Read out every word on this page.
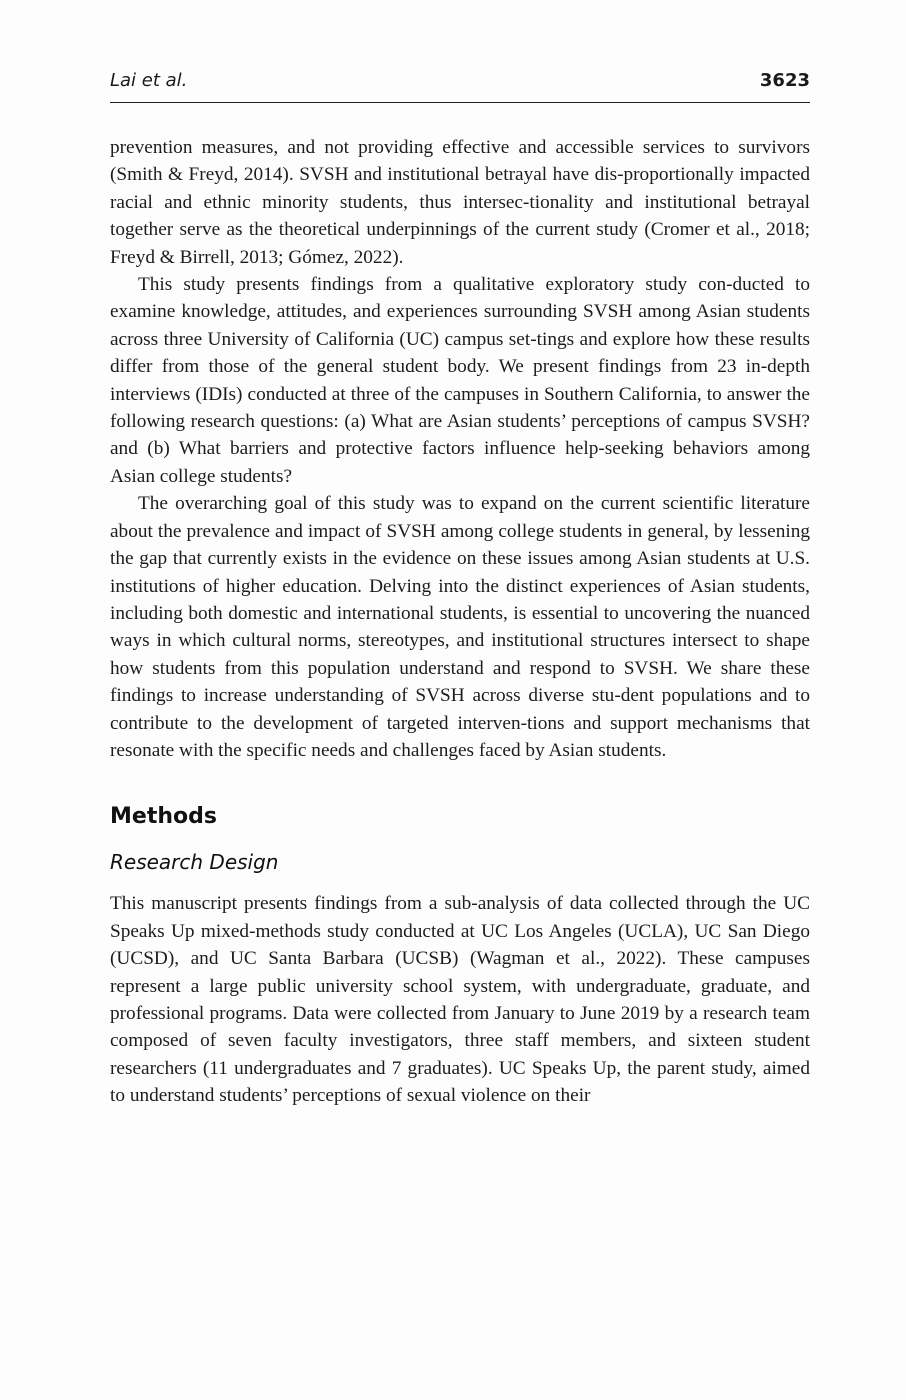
Lai et al.	3623

prevention measures, and not providing effective and accessible services to survivors (Smith & Freyd, 2014). SVSH and institutional betrayal have dis-proportionally impacted racial and ethnic minority students, thus intersec-tionality and institutional betrayal together serve as the theoretical underpinnings of the current study (Cromer et al., 2018; Freyd & Birrell, 2013; Gómez, 2022).

This study presents findings from a qualitative exploratory study con-ducted to examine knowledge, attitudes, and experiences surrounding SVSH among Asian students across three University of California (UC) campus set-tings and explore how these results differ from those of the general student body. We present findings from 23 in-depth interviews (IDIs) conducted at three of the campuses in Southern California, to answer the following research questions: (a) What are Asian students’ perceptions of campus SVSH? and (b) What barriers and protective factors influence help-seeking behaviors among Asian college students?

The overarching goal of this study was to expand on the current scientific literature about the prevalence and impact of SVSH among college students in general, by lessening the gap that currently exists in the evidence on these issues among Asian students at U.S. institutions of higher education. Delving into the distinct experiences of Asian students, including both domestic and international students, is essential to uncovering the nuanced ways in which cultural norms, stereotypes, and institutional structures intersect to shape how students from this population understand and respond to SVSH. We share these findings to increase understanding of SVSH across diverse stu-dent populations and to contribute to the development of targeted interven-tions and support mechanisms that resonate with the specific needs and challenges faced by Asian students.

Methods
Research Design

This manuscript presents findings from a sub-analysis of data collected through the UC Speaks Up mixed-methods study conducted at UC Los Angeles (UCLA), UC San Diego (UCSD), and UC Santa Barbara (UCSB) (Wagman et al., 2022). These campuses represent a large public university school system, with undergraduate, graduate, and professional programs. Data were collected from January to June 2019 by a research team composed of seven faculty investigators, three staff members, and sixteen student researchers (11 undergraduates and 7 graduates). UC Speaks Up, the parent study, aimed to understand students’ perceptions of sexual violence on their
